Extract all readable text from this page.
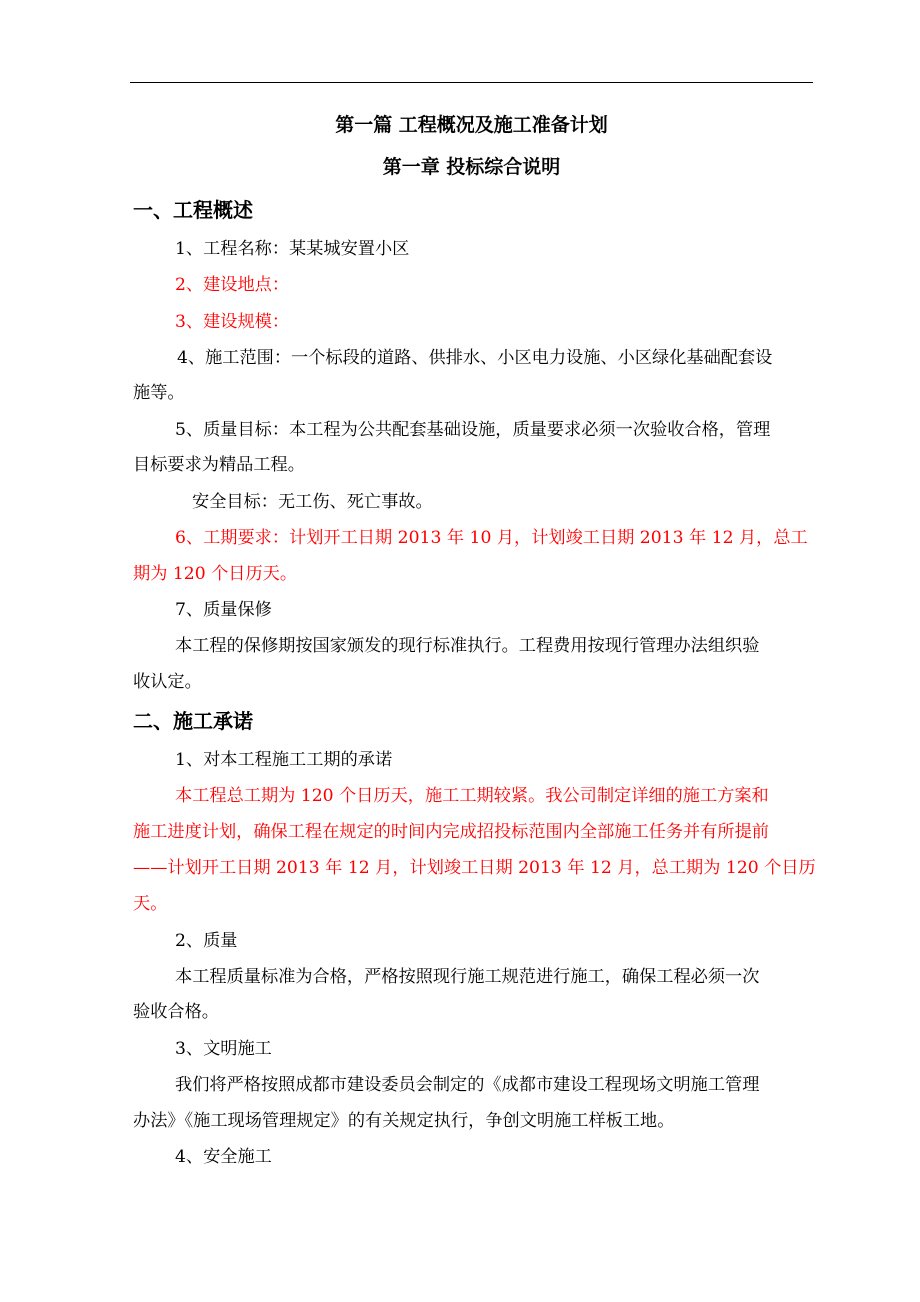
第一篇 工程概况及施工准备计划
第一章 投标综合说明
一、工程概述

1、工程名称：某某城安置小区

2、建设地点：

3、建设规模：

4、施工范围：一个标段的道路、供排水、小区电力设施、小区绿化基础配套设

施等。

5、质量目标：本工程为公共配套基础设施，质量要求必须一次验收合格，管理

目标要求为精品工程。

安全目标：无工伤、死亡事故。

6、工期要求：计划开工日期 2013 年 10 月，计划竣工日期 2013 年 12 月，总工

期为 120 个日历天。

7、质量保修

本工程的保修期按国家颁发的现行标准执行。工程费用按现行管理办法组织验

收认定。

二、施工承诺

1、对本工程施工工期的承诺

本工程总工期为 120 个日历天，施工工期较紧。我公司制定详细的施工方案和

施工进度计划，确保工程在规定的时间内完成招投标范围内全部施工任务并有所提前

——计划开工日期 2013 年 12 月，计划竣工日期 2013 年 12 月，总工期为 120 个日历

天。

2、质量

本工程质量标准为合格，严格按照现行施工规范进行施工，确保工程必须一次

验收合格。

3、文明施工

我们将严格按照成都市建设委员会制定的《成都市建设工程现场文明施工管理

办法》《施工现场管理规定》的有关规定执行，争创文明施工样板工地。

4、安全施工
